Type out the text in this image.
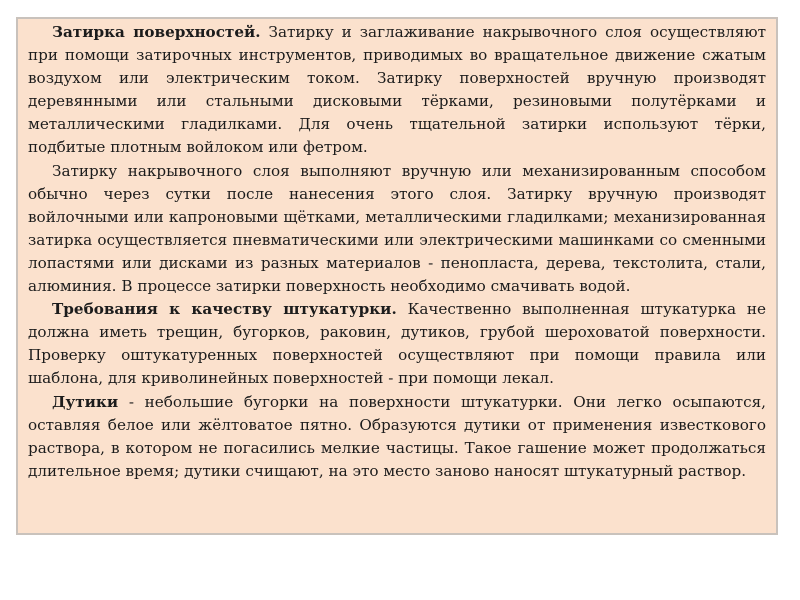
Затирка поверхностей. Затирку и заглаживание накрывочного слоя осуществляют при помощи затирочных инструментов, приводимых во вращательное движение сжатым воздухом или электрическим током. Затирку поверхностей вручную производят деревянными или стальными дисковыми тёрками, резиновыми полутёрками и металлическими гладилками. Для очень тщательной затирки используют тёрки, подбитые плотным войлоком или фетром.

Затирку накрывочного слоя выполняют вручную или механизированным способом обычно через сутки после нанесения этого слоя. Затирку вручную производят войлочными или капроновыми щётками, металлическими гладилками; механизированная затирка осуществляется пневматическими или электрическими машинками со сменными лопастями или дисками из разных материалов - пенопласта, дерева, текстолита, стали, алюминия. В процессе затирки поверхность необходимо смачивать водой.

Требования к качеству штукатурки. Качественно выполненная штукатурка не должна иметь трещин, бугорков, раковин, дутиков, грубой шероховатой поверхности. Проверку оштукатуренных поверхностей осуществляют при помощи правила или шаблона, для криволинейных поверхностей - при помощи лекал.

Дутики - небольшие бугорки на поверхности штукатурки. Они легко осыпаются, оставляя белое или жёлтоватое пятно. Образуются дутики от применения известкового раствора, в котором не погасились мелкие частицы. Такое гашение может продолжаться длительное время; дутики счищают, на это место заново наносят штукатурный раствор.
